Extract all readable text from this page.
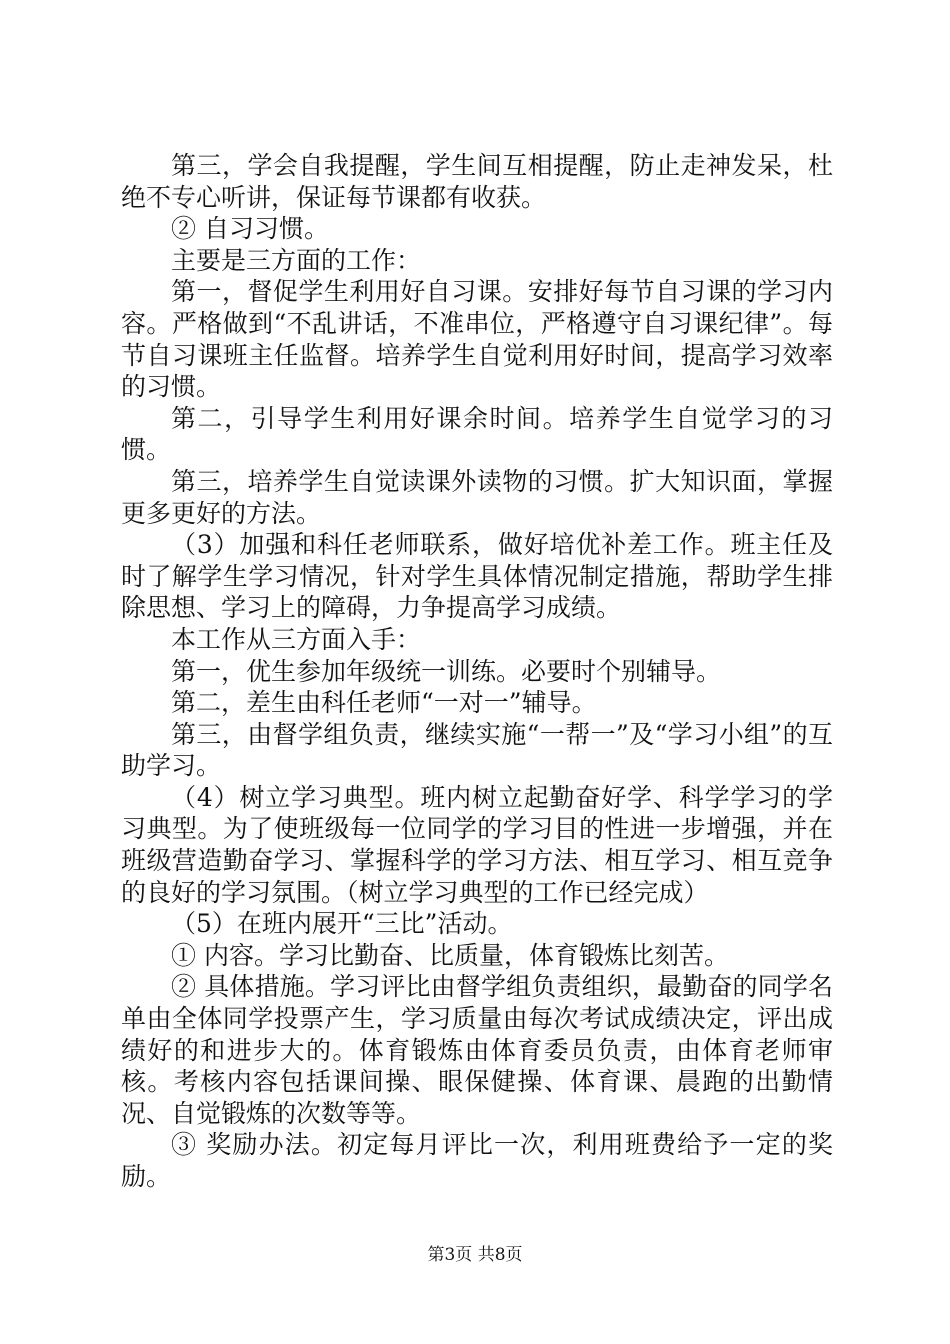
第三，学会自我提醒，学生间互相提醒，防止走神发呆，杜绝不专心听讲，保证每节课都有收获。

② 自习习惯。

主要是三方面的工作：

第一，督促学生利用好自习课。安排好每节自习课的学习内容。严格做到“不乱讲话，不准串位，严格遵守自习课纪律”。每节自习课班主任监督。培养学生自觉利用好时间，提高学习效率的习惯。

第二，引导学生利用好课余时间。培养学生自觉学习的习惯。

第三，培养学生自觉读课外读物的习惯。扩大知识面，掌握更多更好的方法。

（3）加强和科任老师联系，做好培优补差工作。班主任及时了解学生学习情况，针对学生具体情况制定措施，帮助学生排除思想、学习上的障碍，力争提高学习成绩。

本工作从三方面入手：

第一，优生参加年级统一训练。必要时个别辅导。

第二，差生由科任老师“一对一”辅导。

第三，由督学组负责，继续实施“一帮一”及“学习小组”的互助学习。

（4）树立学习典型。班内树立起勤奋好学、科学学习的学习典型。为了使班级每一位同学的学习目的性进一步增强，并在班级营造勤奋学习、掌握科学的学习方法、相互学习、相互竞争的良好的学习氛围。（树立学习典型的工作已经完成）

（5）在班内展开“三比”活动。

① 内容。学习比勤奋、比质量，体育锻炼比刻苦。

② 具体措施。学习评比由督学组负责组织，最勤奋的同学名单由全体同学投票产生，学习质量由每次考试成绩决定，评出成绩好的和进步大的。体育锻炼由体育委员负责，由体育老师审核。考核内容包括课间操、眼保健操、体育课、晨跑的出勤情况、自觉锻炼的次数等等。

③ 奖励办法。初定每月评比一次，利用班费给予一定的奖励。

第3页 共8页
